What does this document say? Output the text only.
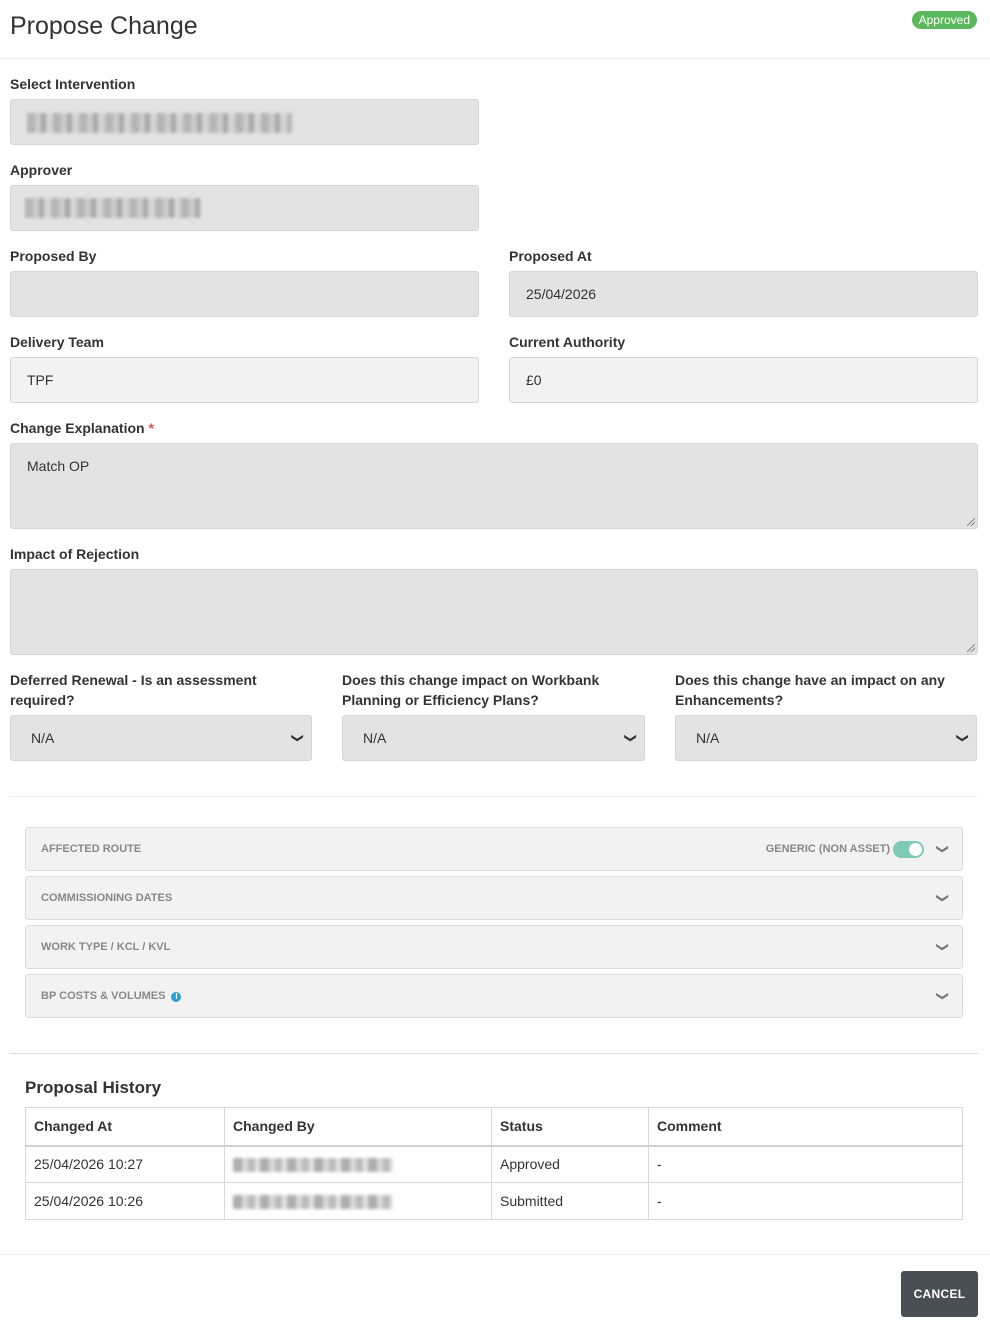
Propose Change	Approved
Select Intervention
Approver
Proposed By	Proposed At
25/04/2026
Delivery Team
TPF
Current Authority
£0
Change Explanation *
Match OP
Impact of Rejection
Deferred Renewal - Is an assessment required?
N/A	❯
Does this change impact on Workbank Planning or Efficiency Plans?
N/A	❯
Does this change have an impact on any Enhancements?
N/A	❯
AFFECTED ROUTE	GENERIC (NON ASSET)	❯
COMMISSIONING DATES	❯
WORK TYPE / KCL / KVL	❯
BP COSTS & VOLUMES I	❯
Proposal History
Changed At	Changed By	Status	Comment
25/04/2026 10:27		Approved	-
25/04/2026 10:26		Submitted	-
CANCEL
